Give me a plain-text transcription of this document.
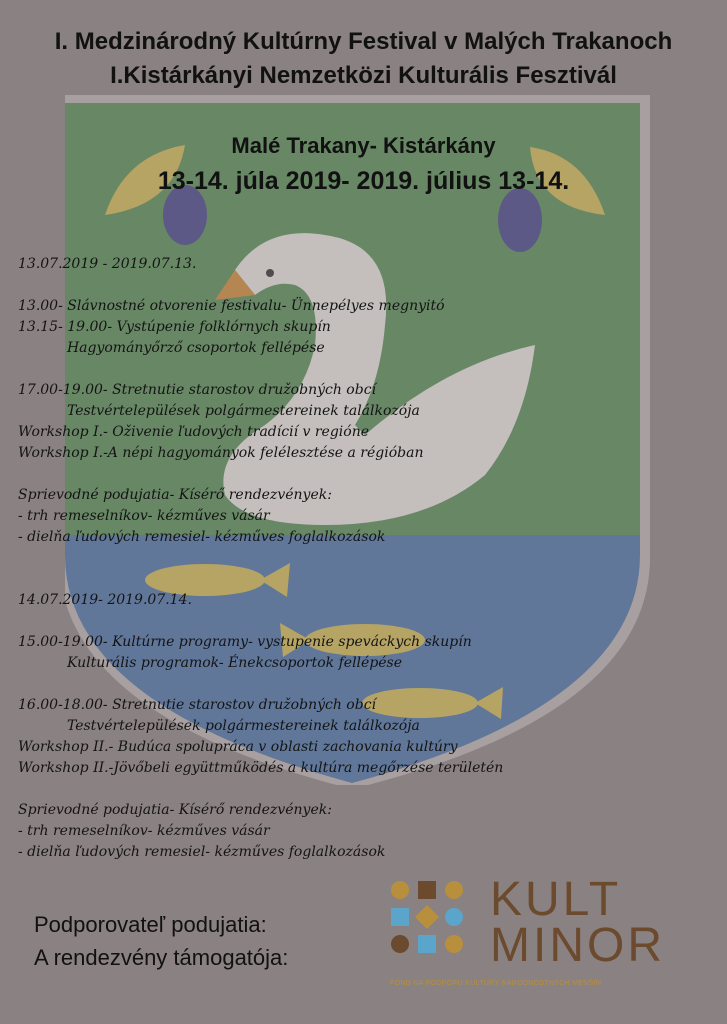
I. Medzinárodný Kultúrny Festival v Malých Trakanoch
I.Kistárkányi Nemzetközi Kulturális Fesztivál
Malé Trakany- Kistárkány
13-14. júla 2019- 2019. július 13-14.
13.07.2019 - 2019.07.13.
13.00- Slávnostné otvorenie festivalu- Ünnepélyes megnyitó
13.15- 19.00- Vystúpenie folklórnych skupín
Hagyományőrző csoportok fellépése
17.00-19.00- Stretnutie starostov družobných obcí
Testvértelepülések polgármestereinek találkozója
Workshop I.- Oživenie ľudových tradícií v regióne
Workshop I.-A népi hagyományok felélesztése a régióban
Sprievodné podujatia- Kísérő rendezvények:
- trh remeselníkov- kézműves vásár
- dielňa ľudových remesiel- kézműves foglalkozások
14.07.2019- 2019.07.14.
15.00-19.00- Kultúrne programy- vystupenie speváckych skupín
Kulturális programok- Énekcsoportok fellépése
16.00-18.00- Stretnutie starostov družobných obcí
Testvértelepülések polgármestereinek találkozója
Workshop II.- Budúca spolupráca v oblasti zachovania kultúry
Workshop II.-Jövőbeli együttműködés a kultúra megőrzése területén
Sprievodné podujatia- Kísérő rendezvények:
- trh remeselníkov- kézműves vásár
- dielňa ľudových remesiel- kézműves foglalkozások
Podporovateľ podujatia:
A rendezvény támogatója:
KULT
MINOR
FOND NA PODPORU KULTÚRY NÁRODNOSTNÝCH MENŠÍN
